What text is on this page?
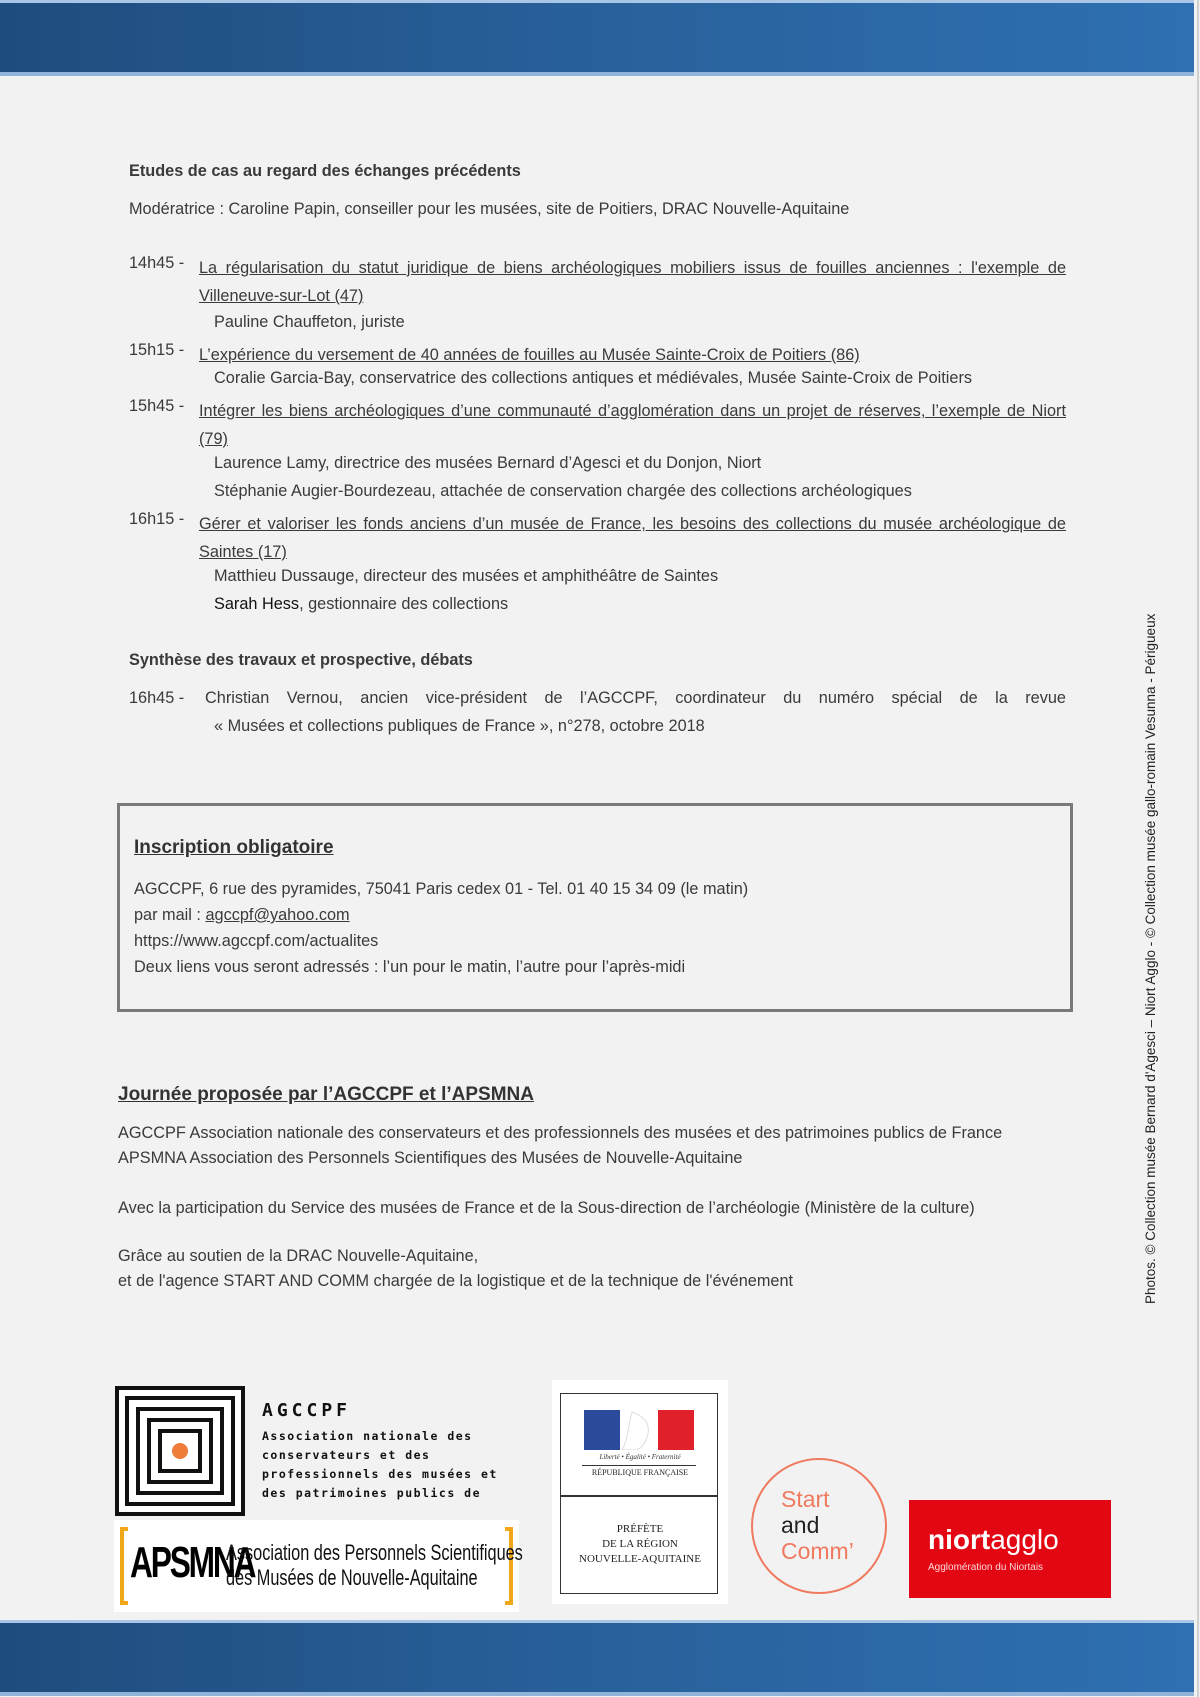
Etudes de cas au regard des échanges précédents
Modératrice : Caroline Papin, conseiller pour les musées, site de Poitiers, DRAC Nouvelle-Aquitaine
14h45 - La régularisation du statut juridique de biens archéologiques mobiliers issus de fouilles anciennes : l'exemple de Villeneuve-sur-Lot (47)
Pauline Chauffeton, juriste
15h15 - L’expérience du versement de 40 années de fouilles au Musée Sainte-Croix de Poitiers (86)
Coralie Garcia-Bay, conservatrice des collections antiques et médiévales, Musée Sainte-Croix de Poitiers
15h45 - Intégrer les biens archéologiques d’une communauté d’agglomération dans un projet de réserves, l’exemple de Niort (79)
Laurence Lamy, directrice des musées Bernard d’Agesci et du Donjon, Niort
Stéphanie Augier-Bourdezeau, attachée de conservation chargée des collections archéologiques
16h15 - Gérer et valoriser les fonds anciens d’un musée de France, les besoins des collections du musée archéologique de Saintes (17)
Matthieu Dussauge, directeur des musées et amphithéâtre de Saintes
Sarah Hess, gestionnaire des collections
Synthèse des travaux et prospective, débats
16h45 - Christian Vernou, ancien vice-président de l’AGCCPF, coordinateur du numéro spécial de la revue
« Musées et collections publiques de France », n°278, octobre 2018
Inscription obligatoire
AGCCPF, 6 rue des pyramides, 75041 Paris cedex 01 - Tel. 01 40 15 34 09 (le matin)
par mail : agccpf@yahoo.com
https://www.agccpf.com/actualites
Deux liens vous seront adressés : l’un pour le matin, l’autre pour l’après-midi
Journée proposée par l’AGCCPF et l’APSMNA
AGCCPF Association nationale des conservateurs et des professionnels des musées et des patrimoines publics de France
APSMNA Association des Personnels Scientifiques des Musées de Nouvelle-Aquitaine
Avec la participation du Service des musées de France et de la Sous-direction de l’archéologie (Ministère de la culture)
Grâce au soutien de la DRAC Nouvelle-Aquitaine,
et de l'agence START AND COMM chargée de la logistique et de la technique de l'événement	Photos. © Collection musée Bernard d'Agesci – Niort Agglo - © Collection musée gallo-romain Vesunna - Périgueux
AGCCPF
Association nationale des
conservateurs et des
professionnels des musées et
des patrimoines publics de
APSMNA
Association des Personnels Scientifiques
des Musées de Nouvelle-Aquitaine
Liberté • Égalité • Fraternité
RÉPUBLIQUE FRANÇAISE
PRÉFÈTE
DE LA RÉGION
NOUVELLE-AQUITAINE
Start
and
Comm’	niortagglo
Agglomération du Niortais
